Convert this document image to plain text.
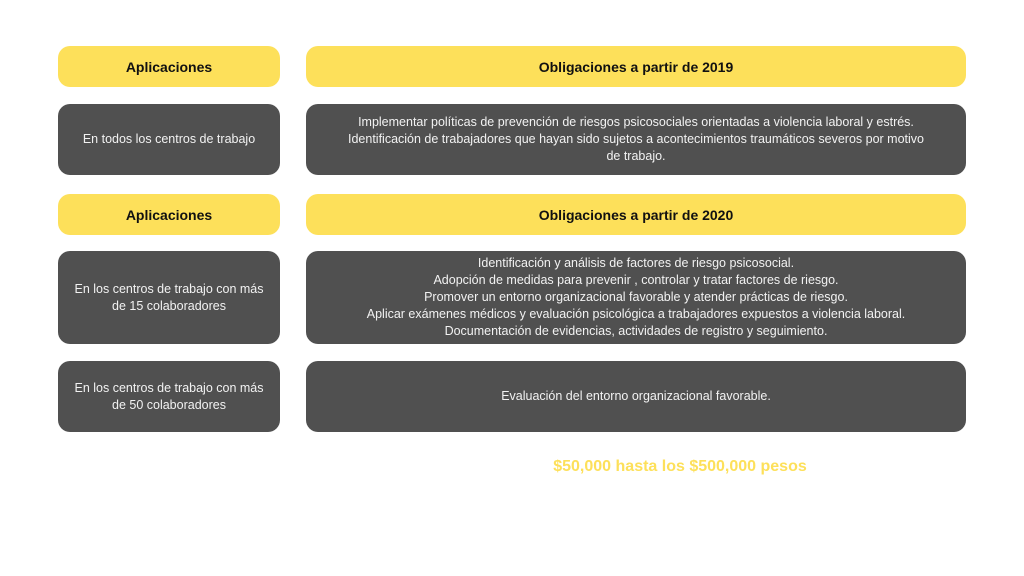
Aplicaciones	Obligaciones a partir de 2019
En todos los centros de trabajo
Implementar políticas de prevención de riesgos psicosociales orientadas a violencia laboral y estrés.
Identificación de trabajadores que hayan sido sujetos a acontecimientos traumáticos severos por motivo
de trabajo.
Aplicaciones	Obligaciones a partir de 2020
En los centros de trabajo con más
de 15 colaboradores
Identificación y análisis de factores de riesgo psicosocial.
Adopción de medidas para prevenir , controlar y tratar factores de riesgo.
Promover un entorno organizacional favorable y atender prácticas de riesgo.
Aplicar exámenes médicos y evaluación psicológica a trabajadores expuestos a violencia laboral.
Documentación de evidencias, actividades de registro y seguimiento.
En los centros de trabajo con más
de 50 colaboradores
Evaluación del entorno organizacional favorable.
$50,000 hasta los $500,000 pesos
